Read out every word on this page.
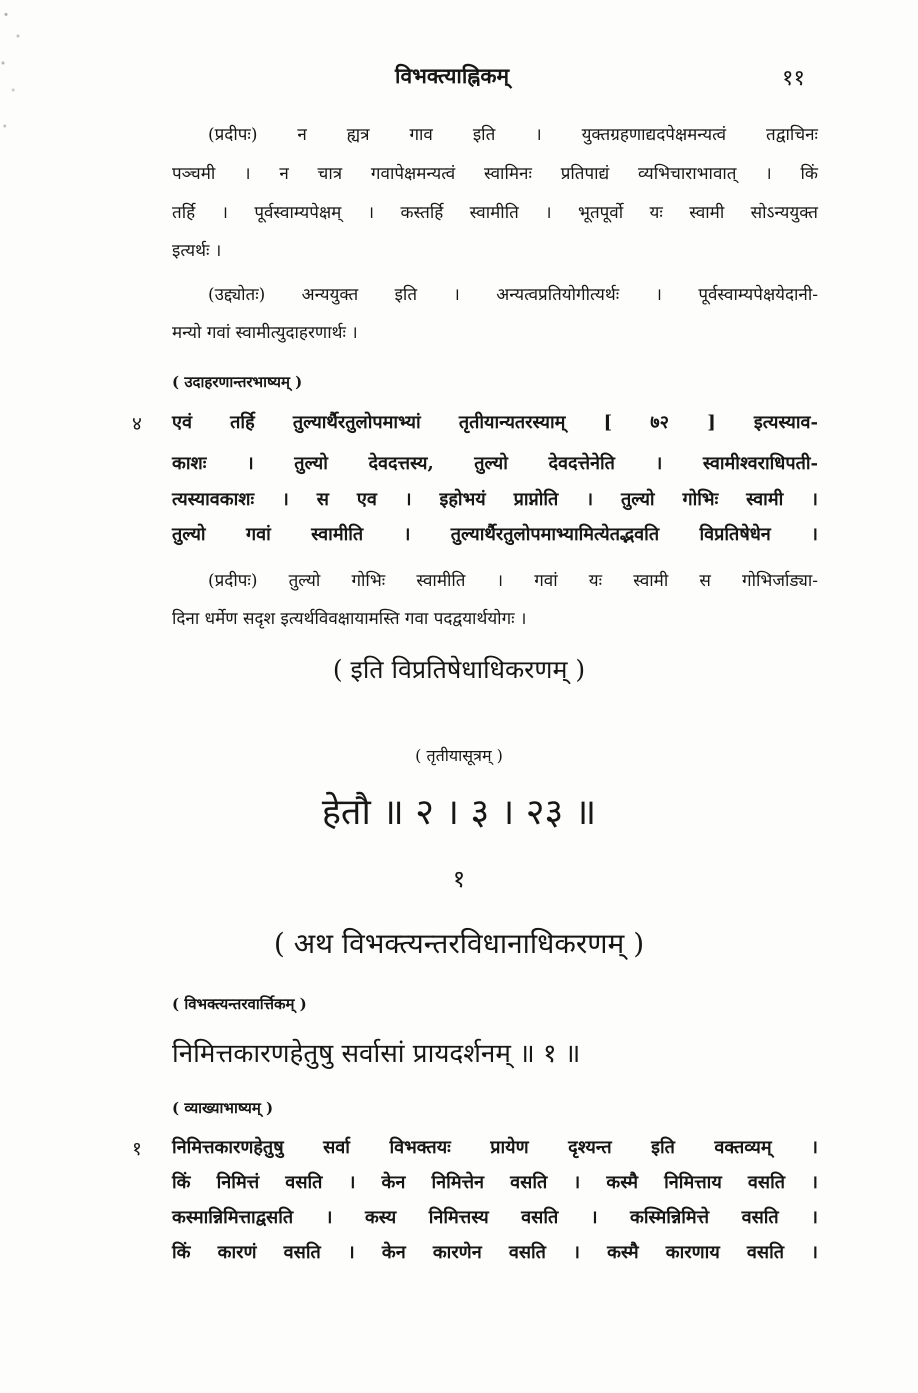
विभक्त्याह्निकम्	११
(प्रदीपः) न ह्यत्र गाव इति । युक्तग्रहणाद्यदपेक्षमन्यत्वं तद्वाचिनः
पञ्चमी । न चात्र गवापेक्षमन्यत्वं स्वामिनः प्रतिपाद्यं व्यभिचाराभावात् । किं
तर्हि । पूर्वस्वाम्यपेक्षम् । कस्तर्हि स्वामीति । भूतपूर्वो यः स्वामी सोऽन्ययुक्त
इत्यर्थः ।
(उद्द्योतः) अन्ययुक्त इति । अन्यत्वप्रतियोगीत्यर्थः । पूर्वस्वाम्यपेक्षयेदानी-
मन्यो गवां स्वामीत्युदाहरणार्थः ।
( उदाहरणान्तरभाष्यम् )
४ एवं तर्हि तुल्यार्थैरतुलोपमाभ्यां तृतीयान्यतरस्याम् [ ७२ ] इत्यस्याव-
काशः । तुल्यो देवदत्तस्य, तुल्यो देवदत्तेनेति । स्वामीश्वराधिपती-
त्यस्यावकाशः । स एव । इहोभयं प्राप्नोति । तुल्यो गोभिः स्वामी ।
तुल्यो गवां स्वामीति । तुल्यार्थैरतुलोपमाभ्यामित्येतद्भवति विप्रतिषेधेन ।
(प्रदीपः) तुल्यो गोभिः स्वामीति । गवां यः स्वामी स गोभिर्जाड्या-
दिना धर्मेण सदृश इत्यर्थविवक्षायामस्ति गवा पदद्वयार्थयोगः ।
( इति विप्रतिषेधाधिकरणम् )
( तृतीयासूत्रम् )
हेतौ ॥ २ । ३ । २३ ॥
१
( अथ विभक्त्यन्तरविधानाधिकरणम् )
( विभक्त्यन्तरवार्त्तिकम् )
निमित्तकारणहेतुषु सर्वासां प्रायदर्शनम् ॥ १ ॥
( व्याख्याभाष्यम् )
१ निमित्तकारणहेतुषु सर्वा विभक्तयः प्रायेण दृश्यन्त इति वक्तव्यम् ।
किं निमित्तं वसति । केन निमित्तेन वसति । कस्मै निमित्ताय वसति ।
कस्मान्निमित्ताद्वसति । कस्य निमित्तस्य वसति । कस्मिन्निमित्ते वसति ।
किं कारणं वसति । केन कारणेन वसति । कस्मै कारणाय वसति ।
